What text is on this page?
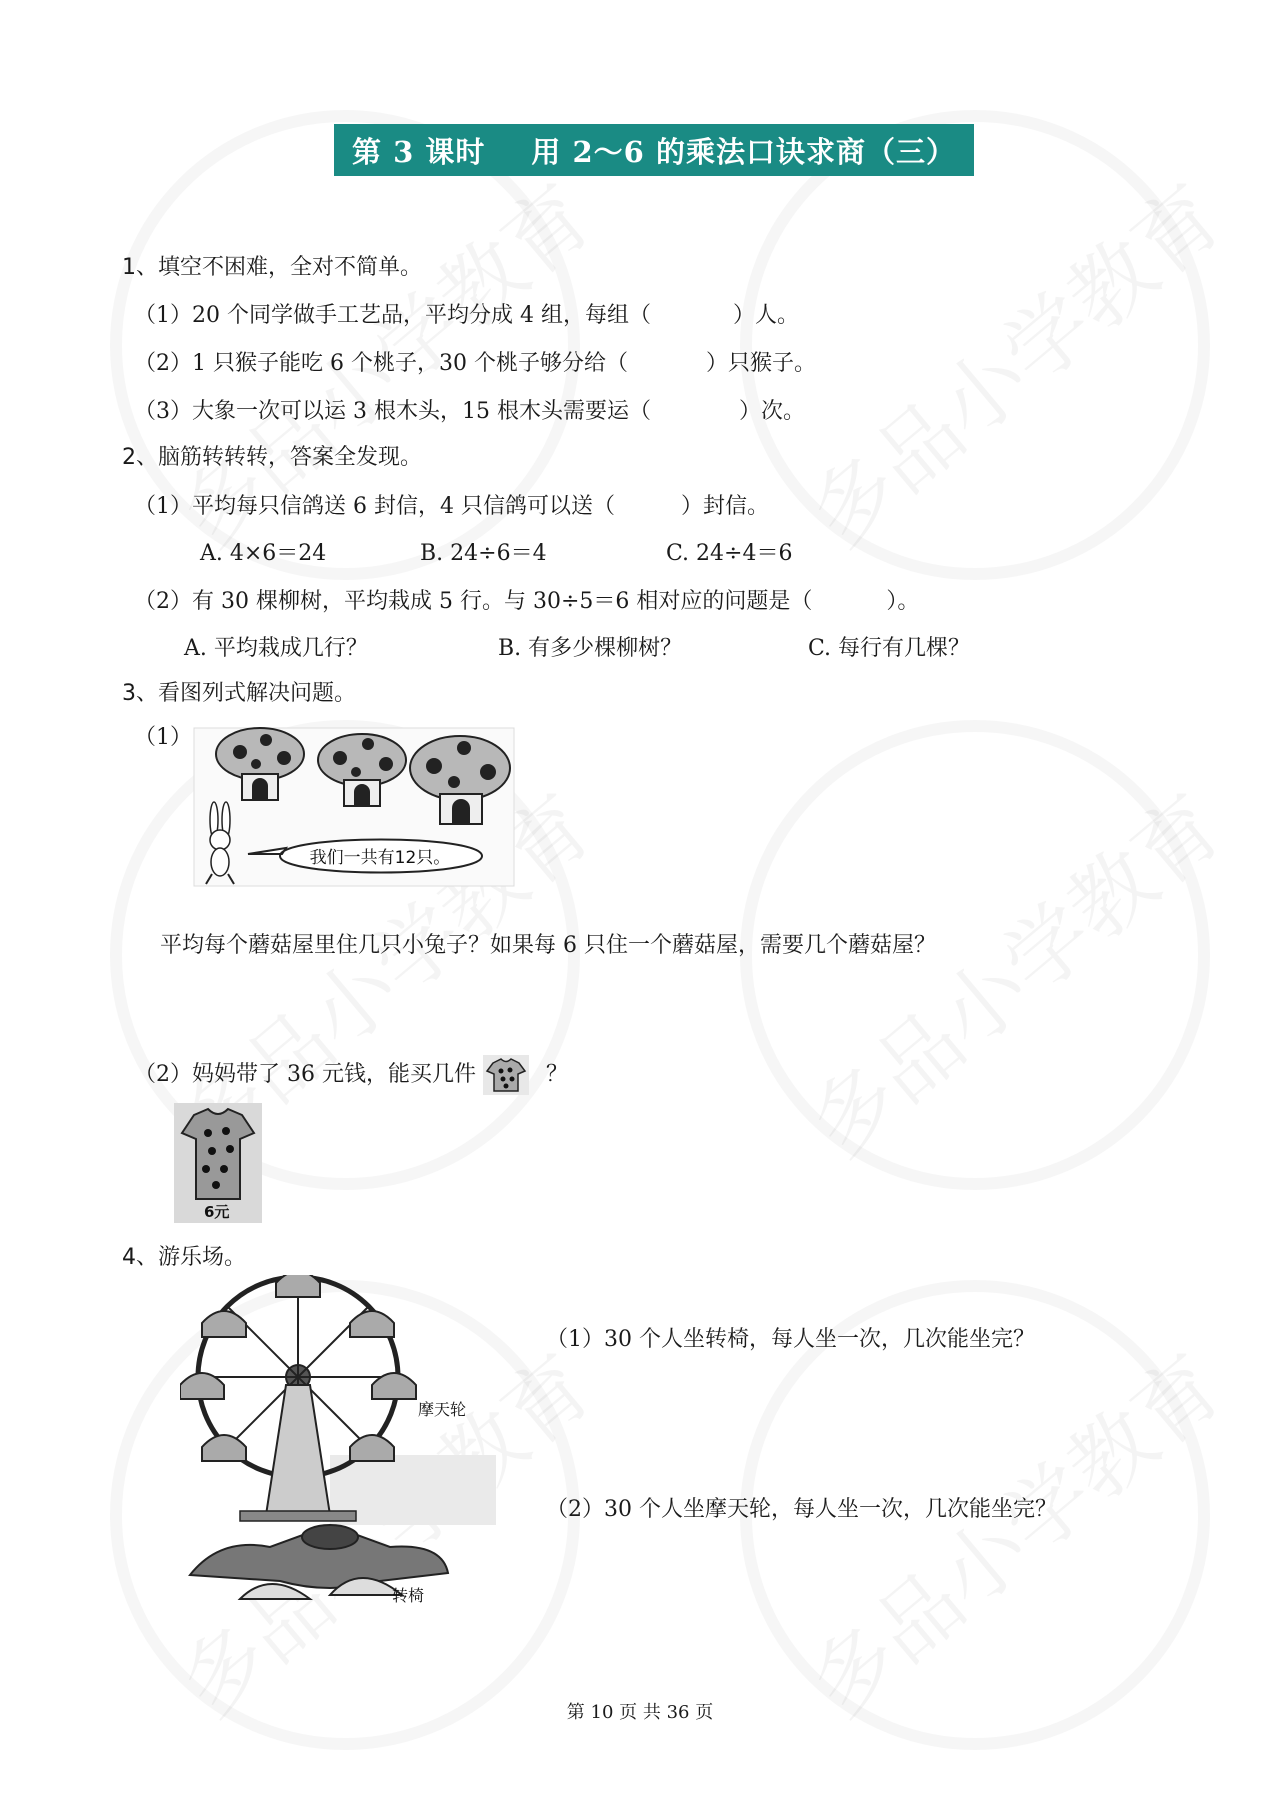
第 3 课时 用 2～6 的乘法口诀求商（三）
1、填空不困难，全对不简单。
（1）20 个同学做手工艺品，平均分成 4 组，每组（	）人。
（2）1 只猴子能吃 6 个桃子，30 个桃子够分给（	）只猴子。
（3）大象一次可以运 3 根木头，15 根木头需要运（	）次。
2、脑筋转转转，答案全发现。
（1）平均每只信鸽送 6 封信，4 只信鸽可以送（	）封信。
A. 4×6＝24	B. 24÷6＝4	C. 24÷4＝6
（2）有 30 棵柳树，平均栽成 5 行。与 30÷5＝6 相对应的问题是（	）。
A. 平均栽成几行？	B. 有多少棵柳树？	C. 每行有几棵？
3、看图列式解决问题。
（1）
我们一共有12只。
平均每个蘑菇屋里住几只小兔子？如果每 6 只住一个蘑菇屋，需要几个蘑菇屋？
（2）妈妈带了 36 元钱，能买几件	？
6元
4、游乐场。
摩天轮
转椅
（1）30 个人坐转椅，每人坐一次，几次能坐完？
（2）30 个人坐摩天轮，每人坐一次，几次能坐完？
第 10 页 共 36 页
